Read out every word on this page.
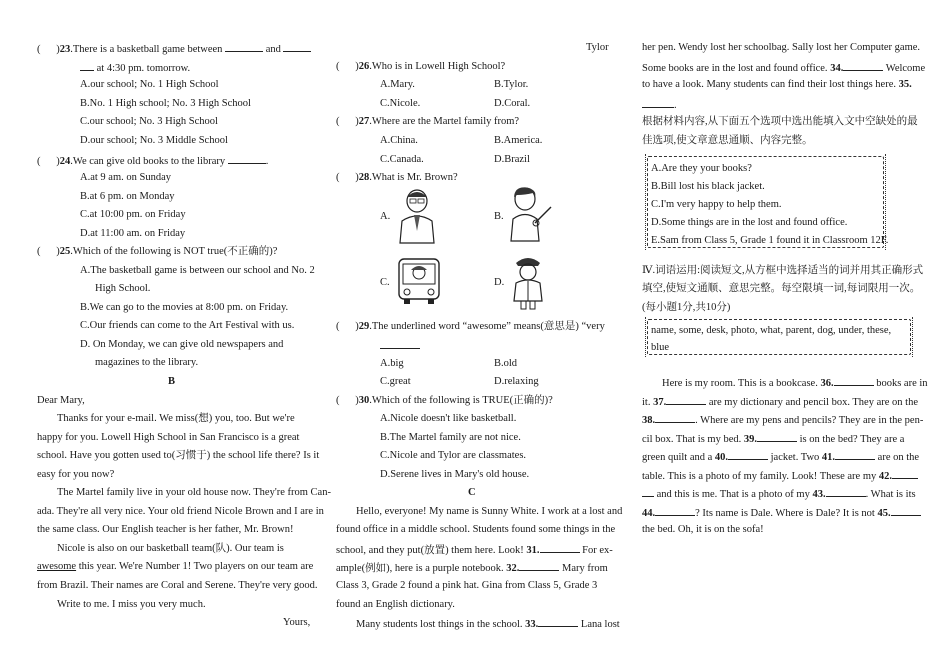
(      )23.There is a basketball game between	and
at 4:30 pm. tomorrow.
A.our school; No. 1 High School
B.No. 1 High school; No. 3 High School
C.our school; No. 3 High School
D.our school; No. 3 Middle School
(      )24.We can give old books to the library	.
A.at 9 am. on Sunday
B.at 6 pm. on Monday
C.at 10:00 pm. on Friday
D.at 11:00 am. on Friday
(      )25.Which of the following is NOT true(不正确的)?
A.The basketball game is between our school and No. 2
High School.
B.We can go to the movies at 8:00 pm. on Friday.
C.Our friends can come to the Art Festival with us.
D. On Monday, we can give old newspapers and
magazines to the library.
B
Dear Mary,
Thanks for your e-mail. We miss(想) you, too. But we're
happy for you. Lowell High School in San Francisco is a great
school. Have you gotten used to(习惯于) the school life there? Is it
easy for you now?
The Martel family live in your old house now. They're from Can-
ada. They're all very nice. Your old friend Nicole Brown and I are in
the same class. Our English teacher is her father, Mr. Brown!
Nicole is also on our basketball team(队). Our team is
awesome this year. We're Number 1! Two players on our team are
from Brazil. Their names are Coral and Serene. They're very good.
Write to me. I miss you very much.
Yours,
Tylor
(      )26.Who is in Lowell High School?
A.Mary.	B.Tylor.
C.Nicole.	D.Coral.
(      )27.Where are the Martel family from?
A.China.	B.America.
C.Canada.	D.Brazil
(      )28.What is Mr. Brown?
A.	B.
C.	D.
(      )29.The underlined word “awesome” means(意思是) “very
A.big	B.old
C.great	D.relaxing
(      )30.Which of the following is TRUE(正确的)?
A.Nicole doesn't like basketball.
B.The Martel family are not nice.
C.Nicole and Tylor are classmates.
D.Serene lives in Mary's old house.
C
Hello, everyone! My name is Sunny White. I work at a lost and
found office in a middle school. Students found some things in the
school, and they put(放置) them here. Look! 31.	For ex-
ample(例如), here is a purple notebook. 32.	Mary from
Class 3, Grade 2 found a pink hat. Gina from Class 5, Grade 3
found an English dictionary.
Many students lost things in the school. 33.	Lana lost
her pen. Wendy lost her schoolbag. Sally lost her Computer game.
Some books are in the lost and found office. 34.	Welcome
to have a look. Many students can find their lost things here. 35.
.
根据材料内容,从下面五个选项中选出能填入文中空缺处的最
佳选项,使文章意思通顺、内容完整。
A.Are they your books?
B.Bill lost his black jacket.
C.I'm very happy to help them.
D.Some things are in the lost and found office.
E.Sam from Class 5, Grade 1 found it in Classroom 12F.
Ⅳ.词语运用:阅读短文,从方框中选择适当的词并用其正确形式
填空,使短文通顺、意思完整。每空限填一词,每词限用一次。
(每小题1分,共10分)
name, some, desk, photo, what, parent, dog, under, these,
blue
Here is my room. This is a bookcase. 36.	books are in
it. 37.	are my dictionary and pencil box. They are on the
38.	. Where are my pens and pencils? They are in the pen-
cil box. That is my bed. 39.	is on the bed? They are a
green quilt and a 40.	jacket. Two 41.	are on the
table. This is a photo of my family. Look! These are my 42.
and this is me. That is a photo of my 43.	. What is its
44.	? Its name is Dale. Where is Dale? It is not 45.
the bed. Oh, it is on the sofa!
